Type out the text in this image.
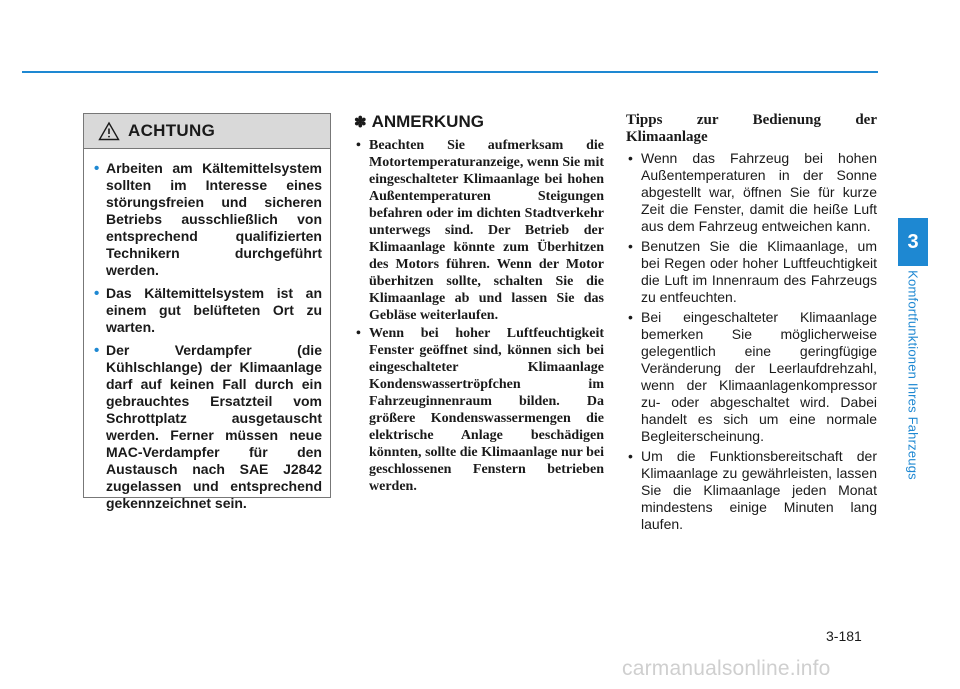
ACHTUNG
• Arbeiten am Kältemittelsystem sollten im Interesse eines störungsfreien und sicheren Betriebs ausschließlich von entsprechend qualifizierten Technikern durchgeführt werden.
• Das Kältemittelsystem ist an einem gut belüfteten Ort zu warten.
• Der Verdampfer (die Kühlschlange) der Klimaanlage darf auf keinen Fall durch ein gebrauchtes Ersatzteil vom Schrottplatz ausgetauscht werden. Ferner müssen neue MAC-Verdampfer für den Austausch nach SAE J2842 zugelassen und entsprechend gekennzeichnet sein.
✽ ANMERKUNG
• Beachten Sie aufmerksam die Motortemperaturanzeige, wenn Sie mit eingeschalteter Klimaanlage bei hohen Außentemperaturen Steigungen befahren oder im dichten Stadtverkehr unterwegs sind. Der Betrieb der Klimaanlage könnte zum Überhitzen des Motors führen. Wenn der Motor überhitzen sollte, schalten Sie die Klimaanlage ab und lassen Sie das Gebläse weiterlaufen.
• Wenn bei hoher Luftfeuchtigkeit Fenster geöffnet sind, können sich bei eingeschalteter Klimaanlage Kondenswassertröpfchen im Fahrzeuginnenraum bilden. Da größere Kondenswassermengen die elektrische Anlage beschädigen könnten, sollte die Klimaanlage nur bei geschlossenen Fenstern betrieben werden.
Tipps zur Bedienung der
Klimaanlage
• Wenn das Fahrzeug bei hohen Außentemperaturen in der Sonne abgestellt war, öffnen Sie für kurze Zeit die Fenster, damit die heiße Luft aus dem Fahrzeug entweichen kann.
• Benutzen Sie die Klimaanlage, um bei Regen oder hoher Luftfeuchtigkeit die Luft im Innenraum des Fahrzeugs zu entfeuchten.
• Bei eingeschalteter Klimaanlage bemerken Sie möglicherweise gelegentlich eine geringfügige Veränderung der Leerlaufdrehzahl, wenn der Klimaanlagenkompressor zu- oder abgeschaltet wird. Dabei handelt es sich um eine normale Begleiterscheinung.
• Um die Funktionsbereitschaft der Klimaanlage zu gewährleisten, lassen Sie die Klimaanlage jeden Monat mindestens einige Minuten lang laufen.
3
Komfortfunktionen Ihres Fahrzeugs
3-181
carmanualsonline.info
